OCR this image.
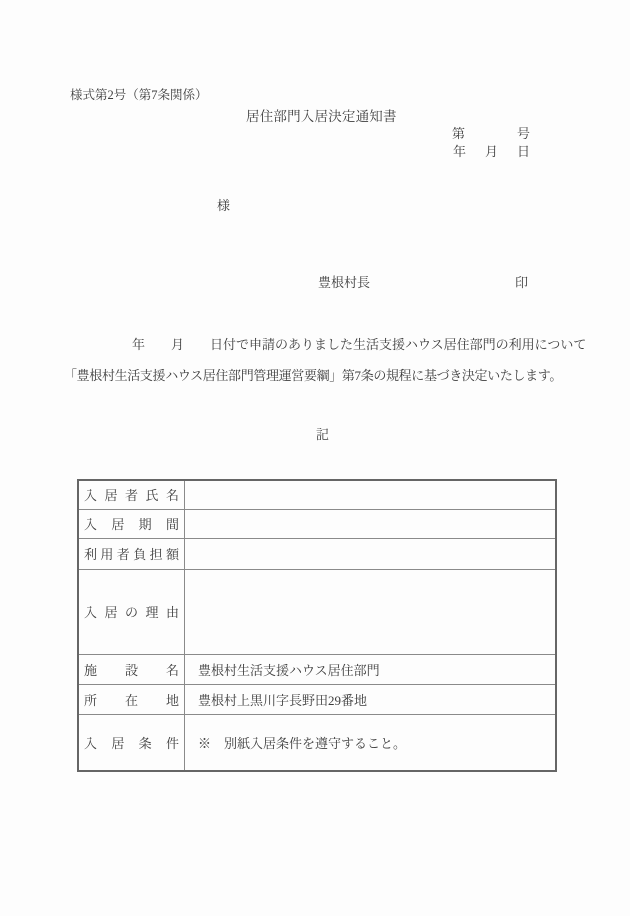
様式第2号（第7条関係）
居住部門入居決定通知書
第　　　　号
年　月　日
様
豊根村長	印
年　　月　　日付で申請のありました生活支援ハウス居住部門の利用について
「豊根村生活支援ハウス居住部門管理運営要綱」第7条の規程に基づき決定いたします。
記
入居者氏名	

入居期間	

利用者負担額	

入居の理由	

施設名	豊根村生活支援ハウス居住部門

所在地	豊根村上黒川字長野田29番地

入居条件	※　別紙入居条件を遵守すること。
